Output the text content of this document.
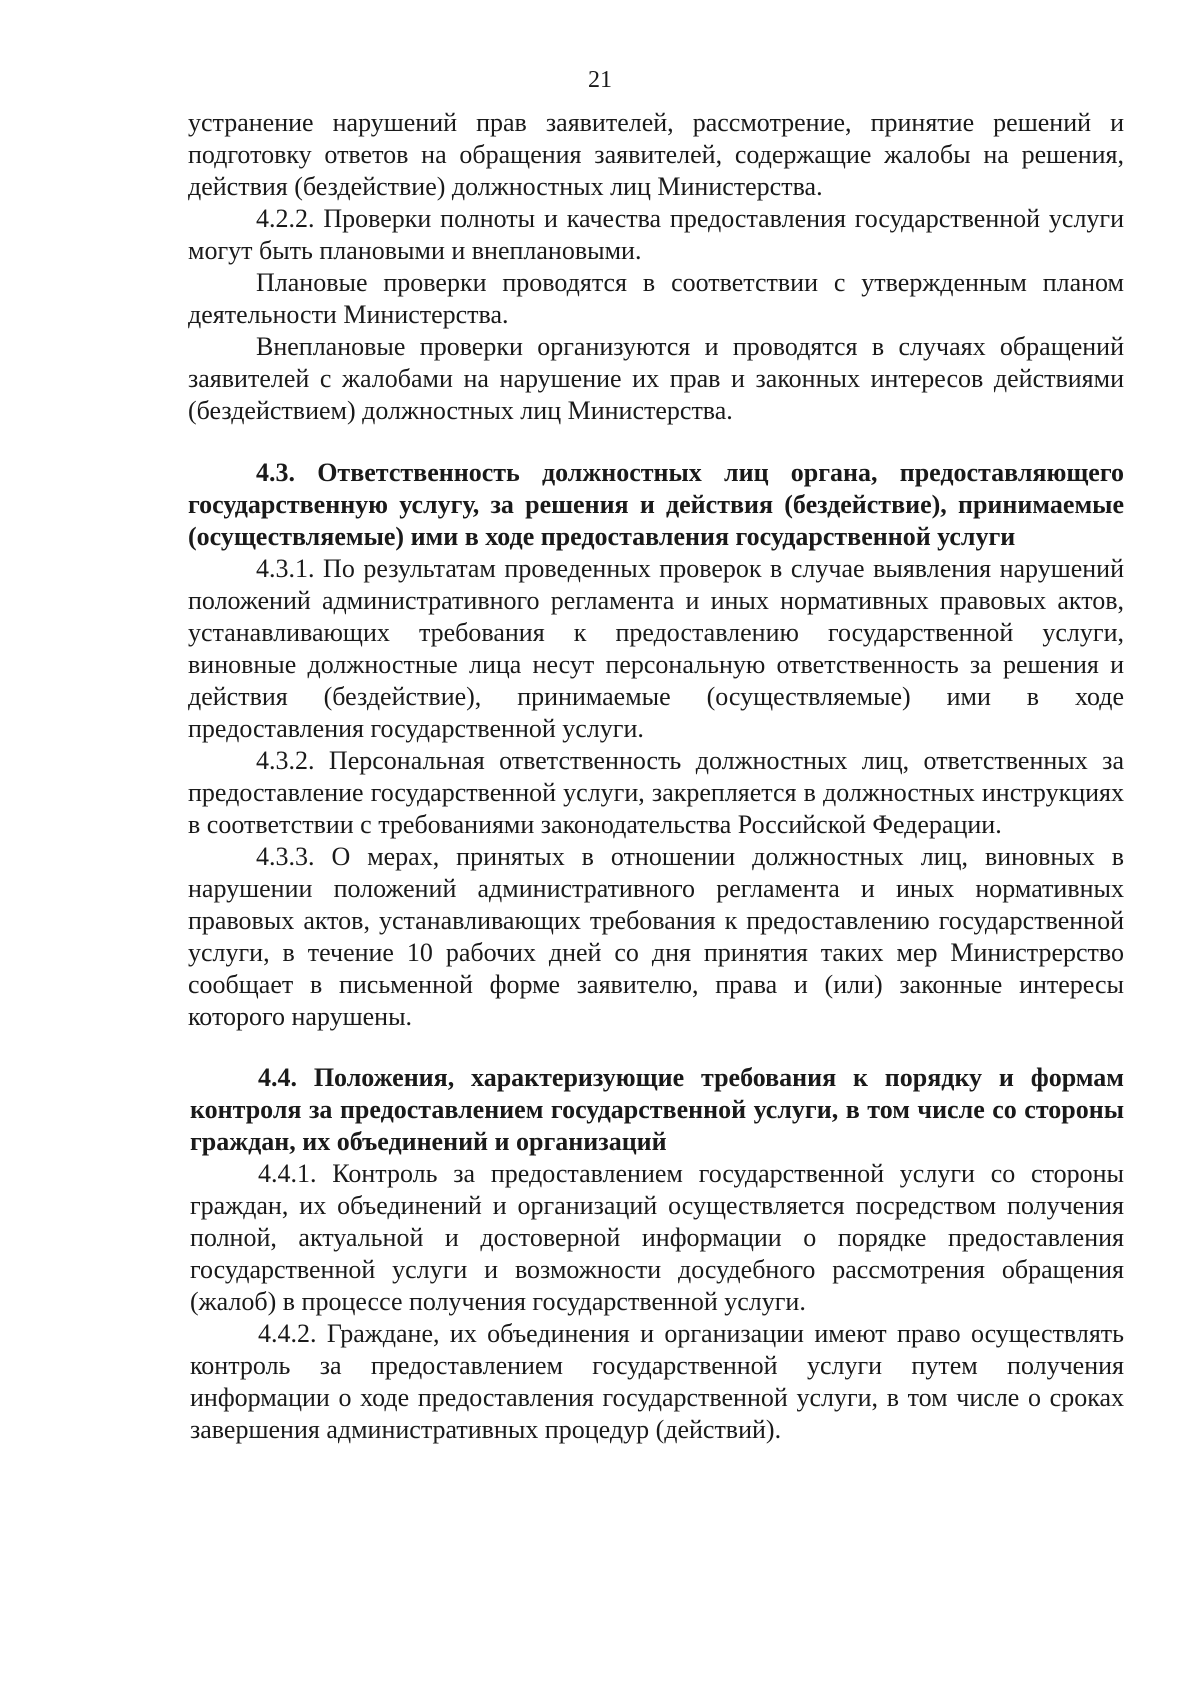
21

устранение нарушений прав заявителей, рассмотрение, принятие решений и подготовку ответов на обращения заявителей, содержащие жалобы на решения, действия (бездействие) должностных лиц Министерства.

4.2.2. Проверки полноты и качества предоставления государственной услуги могут быть плановыми и внеплановыми.

Плановые проверки проводятся в соответствии с утвержденным планом деятельности Министерства.

Внеплановые проверки организуются и проводятся в случаях обращений заявителей с жалобами на нарушение их прав и законных интересов действиями (бездействием) должностных лиц Министерства.

4.3. Ответственность должностных лиц органа, предоставляющего государственную услугу, за решения и действия (бездействие), принимаемые (осуществляемые) ими в ходе предоставления государственной услуги

4.3.1. По результатам проведенных проверок в случае выявления нарушений положений административного регламента и иных нормативных правовых актов, устанавливающих требования к предоставлению государственной услуги, виновные должностные лица несут персональную ответственность за решения и действия (бездействие), принимаемые (осуществляемые) ими в ходе предоставления государственной услуги.

4.3.2. Персональная ответственность должностных лиц, ответственных за предоставление государственной услуги, закрепляется в должностных инструкциях в соответствии с требованиями законодательства Российской Федерации.

4.3.3. О мерах, принятых в отношении должностных лиц, виновных в нарушении положений административного регламента и иных нормативных правовых актов, устанавливающих требования к предоставлению государственной услуги, в течение 10 рабочих дней со дня принятия таких мер Министрерство сообщает в письменной форме заявителю, права и (или) законные интересы которого нарушены.

4.4. Положения, характеризующие требования к порядку и формам контроля за предоставлением государственной услуги, в том числе со стороны граждан, их объединений и организаций

4.4.1. Контроль за предоставлением государственной услуги со стороны граждан, их объединений и организаций осуществляется посредством получения полной, актуальной и достоверной информации о порядке предоставления государственной услуги и возможности досудебного рассмотрения обращения (жалоб) в процессе получения государственной услуги.

4.4.2. Граждане, их объединения и организации имеют право осуществлять контроль за предоставлением государственной услуги путем получения информации о ходе предоставления государственной услуги, в том числе о сроках завершения административных процедур (действий).
